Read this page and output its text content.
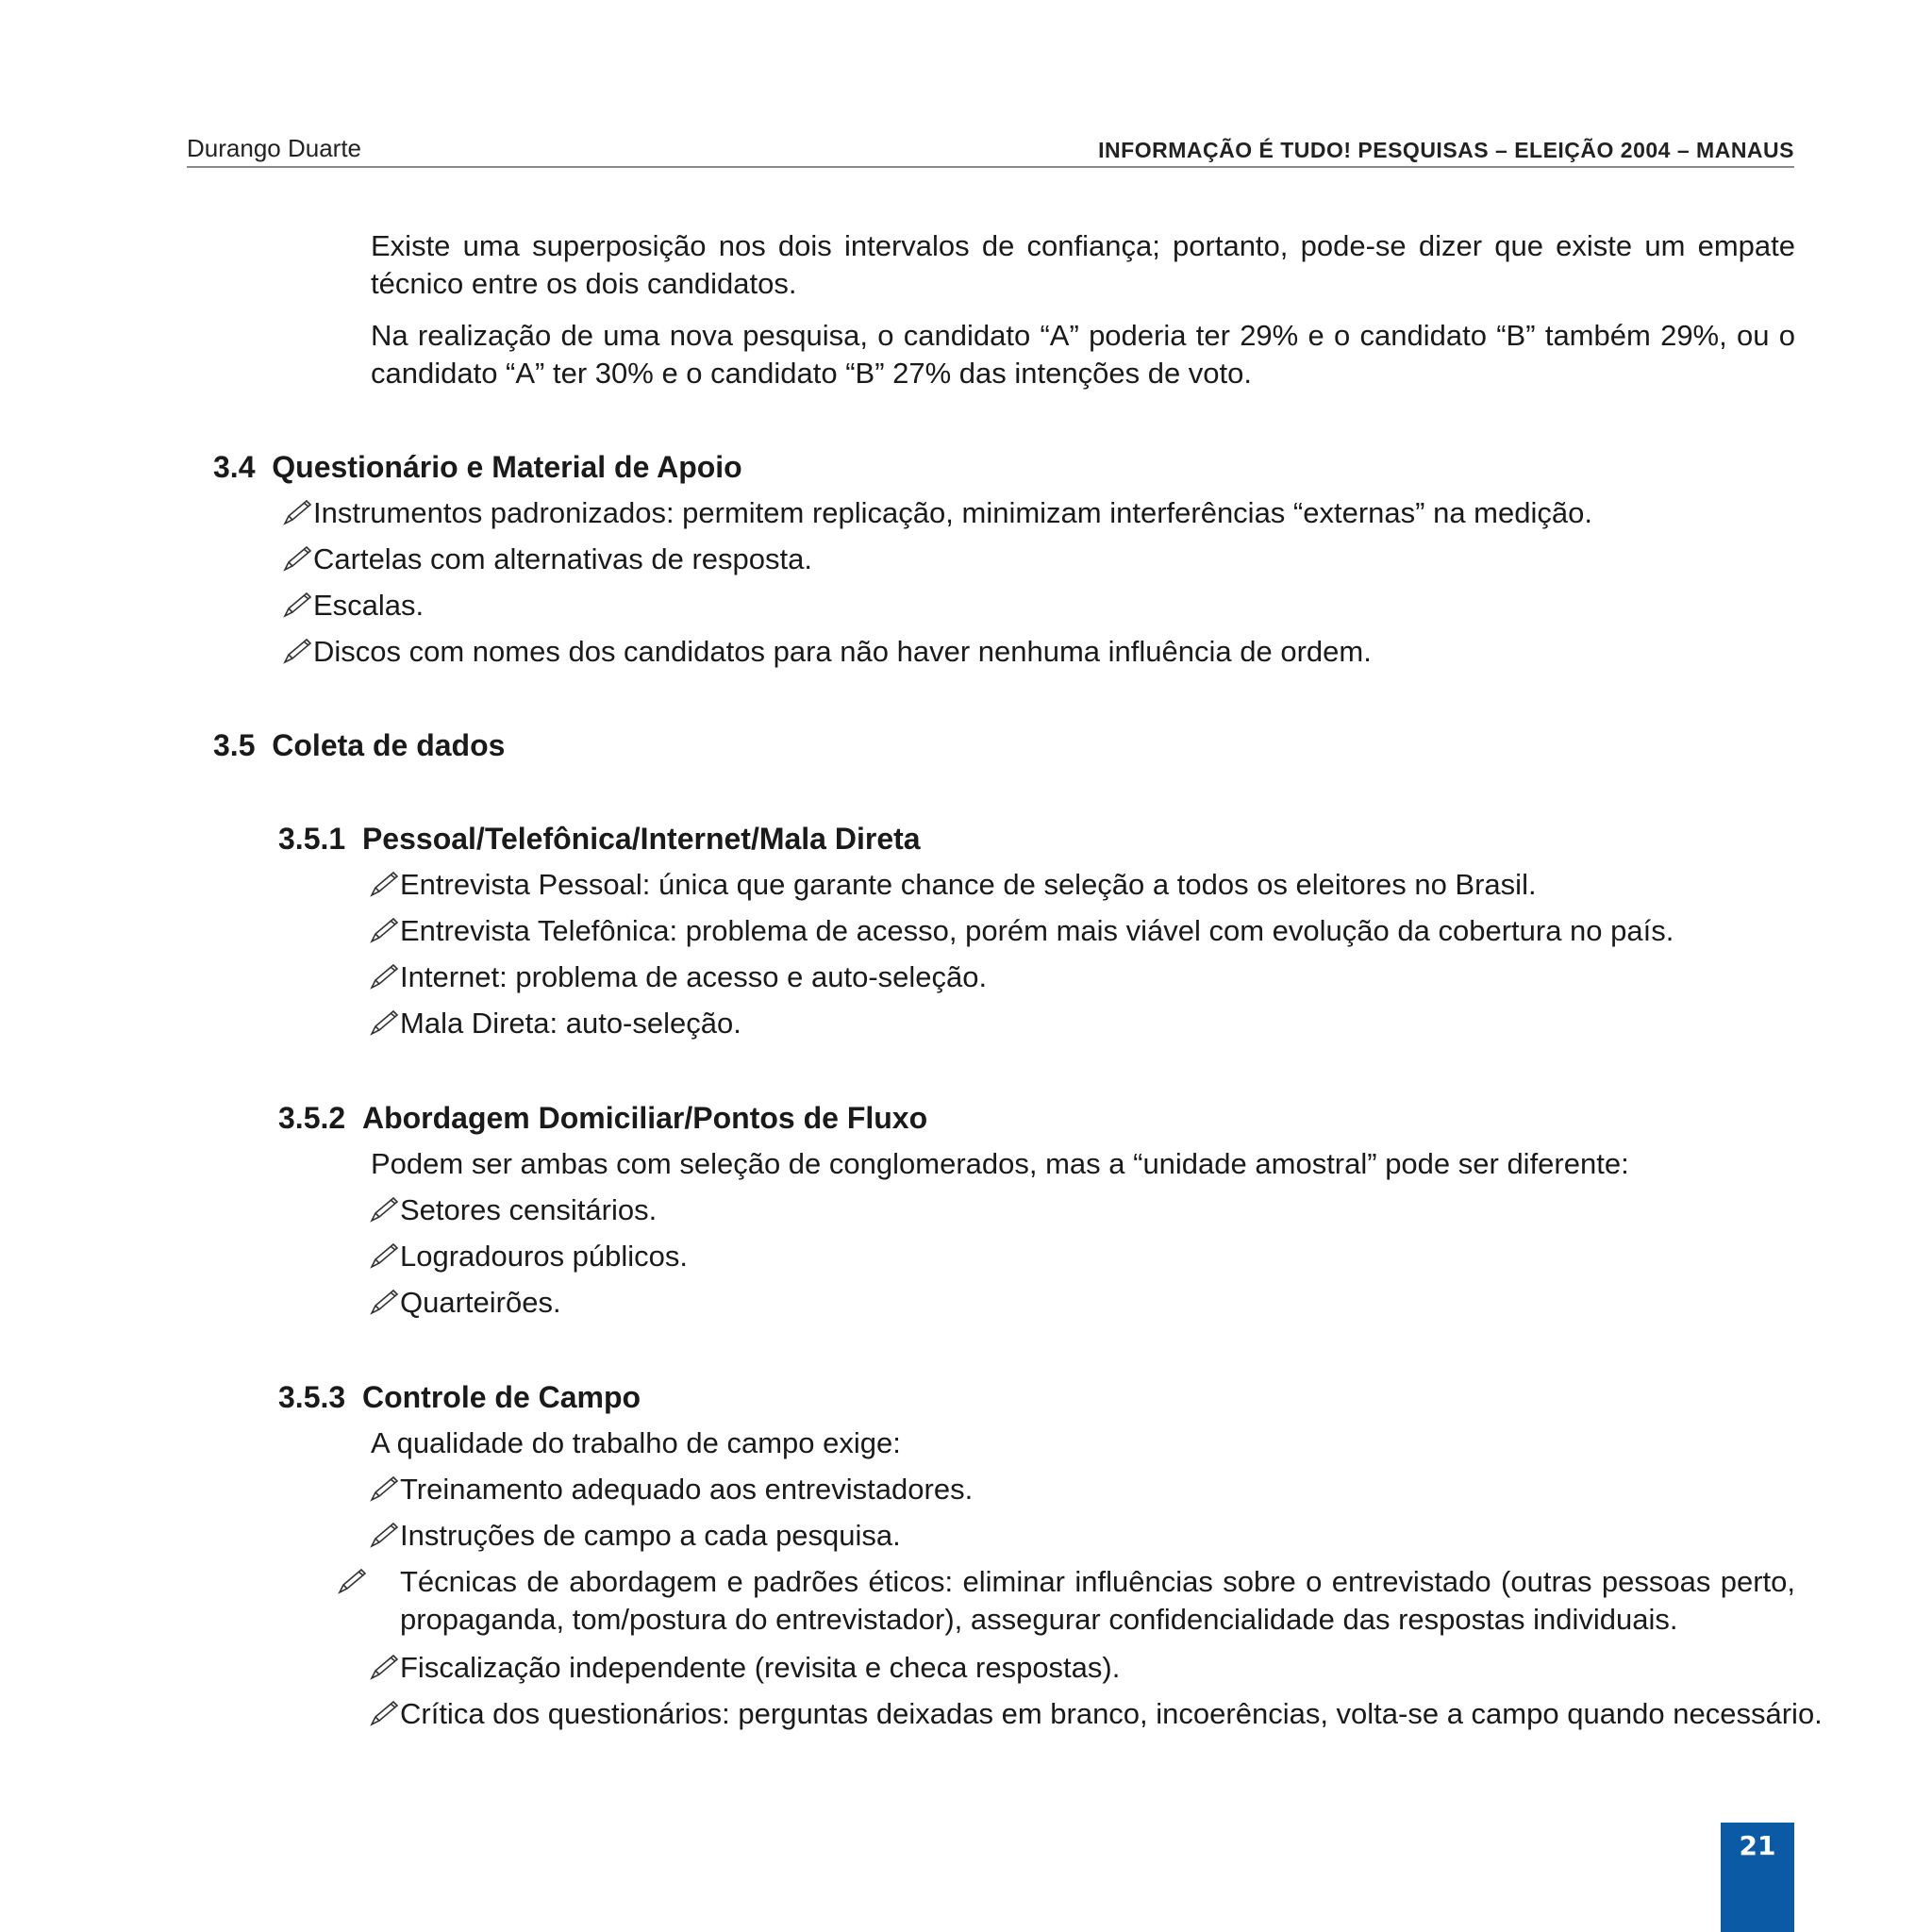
Durango Duarte	INFORMAÇÃO É TUDO! PESQUISAS – ELEIÇÃO 2004 – MANAUS
Existe uma superposição nos dois intervalos de confiança; portanto, pode-se dizer que existe um empate técnico entre os dois candidatos.
Na realização de uma nova pesquisa, o candidato “A” poderia ter 29% e o candidato “B” também 29%, ou o candidato “A” ter 30% e o candidato “B” 27% das intenções de voto.
3.4 Questionário e Material de Apoio
Instrumentos padronizados: permitem replicação, minimizam interferências “externas” na medição.
Cartelas com alternativas de resposta.
Escalas.
Discos com nomes dos candidatos para não haver nenhuma influência de ordem.
3.5 Coleta de dados
3.5.1 Pessoal/Telefônica/Internet/Mala Direta
Entrevista Pessoal: única que garante chance de seleção a todos os eleitores no Brasil.
Entrevista Telefônica: problema de acesso, porém mais viável com evolução da cobertura no país.
Internet: problema de acesso e auto-seleção.
Mala Direta: auto-seleção.
3.5.2 Abordagem Domiciliar/Pontos de Fluxo
Podem ser ambas com seleção de conglomerados, mas a “unidade amostral” pode ser diferente:
Setores censitários.
Logradouros públicos.
Quarteirões.
3.5.3 Controle de Campo
A qualidade do trabalho de campo exige:
Treinamento adequado aos entrevistadores.
Instruções de campo a cada pesquisa.
Técnicas de abordagem e padrões éticos: eliminar influências sobre o entrevistado (outras pessoas perto, propaganda, tom/postura do entrevistador), assegurar confidencialidade das respostas individuais.
Fiscalização independente (revisita e checa respostas).
Crítica dos questionários: perguntas deixadas em branco, incoerências, volta-se a campo quando necessário.
21
